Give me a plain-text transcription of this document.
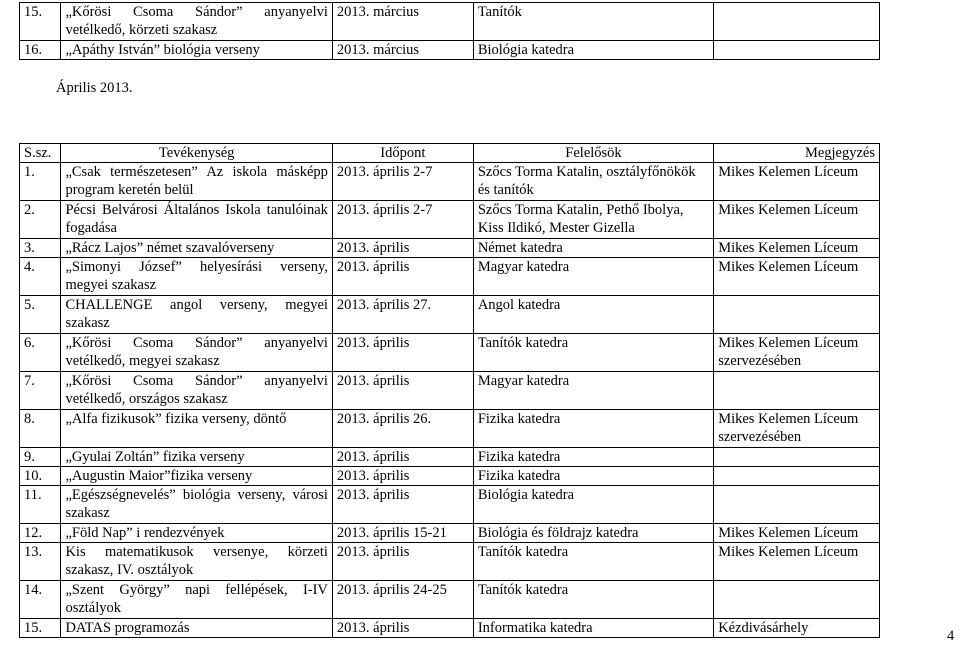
15.	„Kőrösi Csoma Sándor” anyanyelvi vetélkedő, körzeti szakasz	2013. március	Tanítók	
16.	„Apáthy István” biológia verseny	2013. március	Biológia katedra	
Április 2013.
S.sz.	Tevékenység	Időpont	Felelősök	Megjegyzés
1.	„Csak természetesen” Az iskola másképp program keretén belül	2013. április 2-7	Szőcs Torma Katalin, osztályfőnökök és tanítók	Mikes Kelemen Líceum
2.	Pécsi Belvárosi Általános Iskola tanulóinak fogadása	2013. április 2-7	Szőcs Torma Katalin, Pethő Ibolya, Kiss Ildikó, Mester Gizella	Mikes Kelemen Líceum
3.	„Rácz Lajos” német szavalóverseny	2013. április	Német katedra	Mikes Kelemen Líceum
4.	„Simonyi József” helyesírási verseny, megyei szakasz	2013. április	Magyar katedra	Mikes Kelemen Líceum
5.	CHALLENGE angol verseny, megyei szakasz	2013. április 27.	Angol katedra	
6.	„Kőrösi Csoma Sándor” anyanyelvi vetélkedő, megyei szakasz	2013. április	Tanítók katedra	Mikes Kelemen Líceum szervezésében
7.	„Kőrösi Csoma Sándor” anyanyelvi vetélkedő, országos szakasz	2013. április	Magyar katedra	
8.	„Alfa fizikusok” fizika verseny, döntő	2013. április 26.	Fizika katedra	Mikes Kelemen Líceum szervezésében
9.	„Gyulai Zoltán” fizika verseny	2013. április	Fizika katedra	
10.	„Augustin Maior”fizika verseny	2013. április	Fizika katedra	
11.	„Egészségnevelés” biológia verseny, városi szakasz	2013. április	Biológia katedra	
12.	„Föld Nap” i rendezvények	2013. április 15-21	Biológia és földrajz katedra	Mikes Kelemen Líceum
13.	Kis matematikusok versenye, körzeti szakasz, IV. osztályok	2013. április	Tanítók katedra	Mikes Kelemen Líceum
14.	„Szent György” napi fellépések, I-IV osztályok	2013. április 24-25	Tanítók katedra	
15.	DATAS programozás	2013. április	Informatika katedra	Kézdivásárhely	4
